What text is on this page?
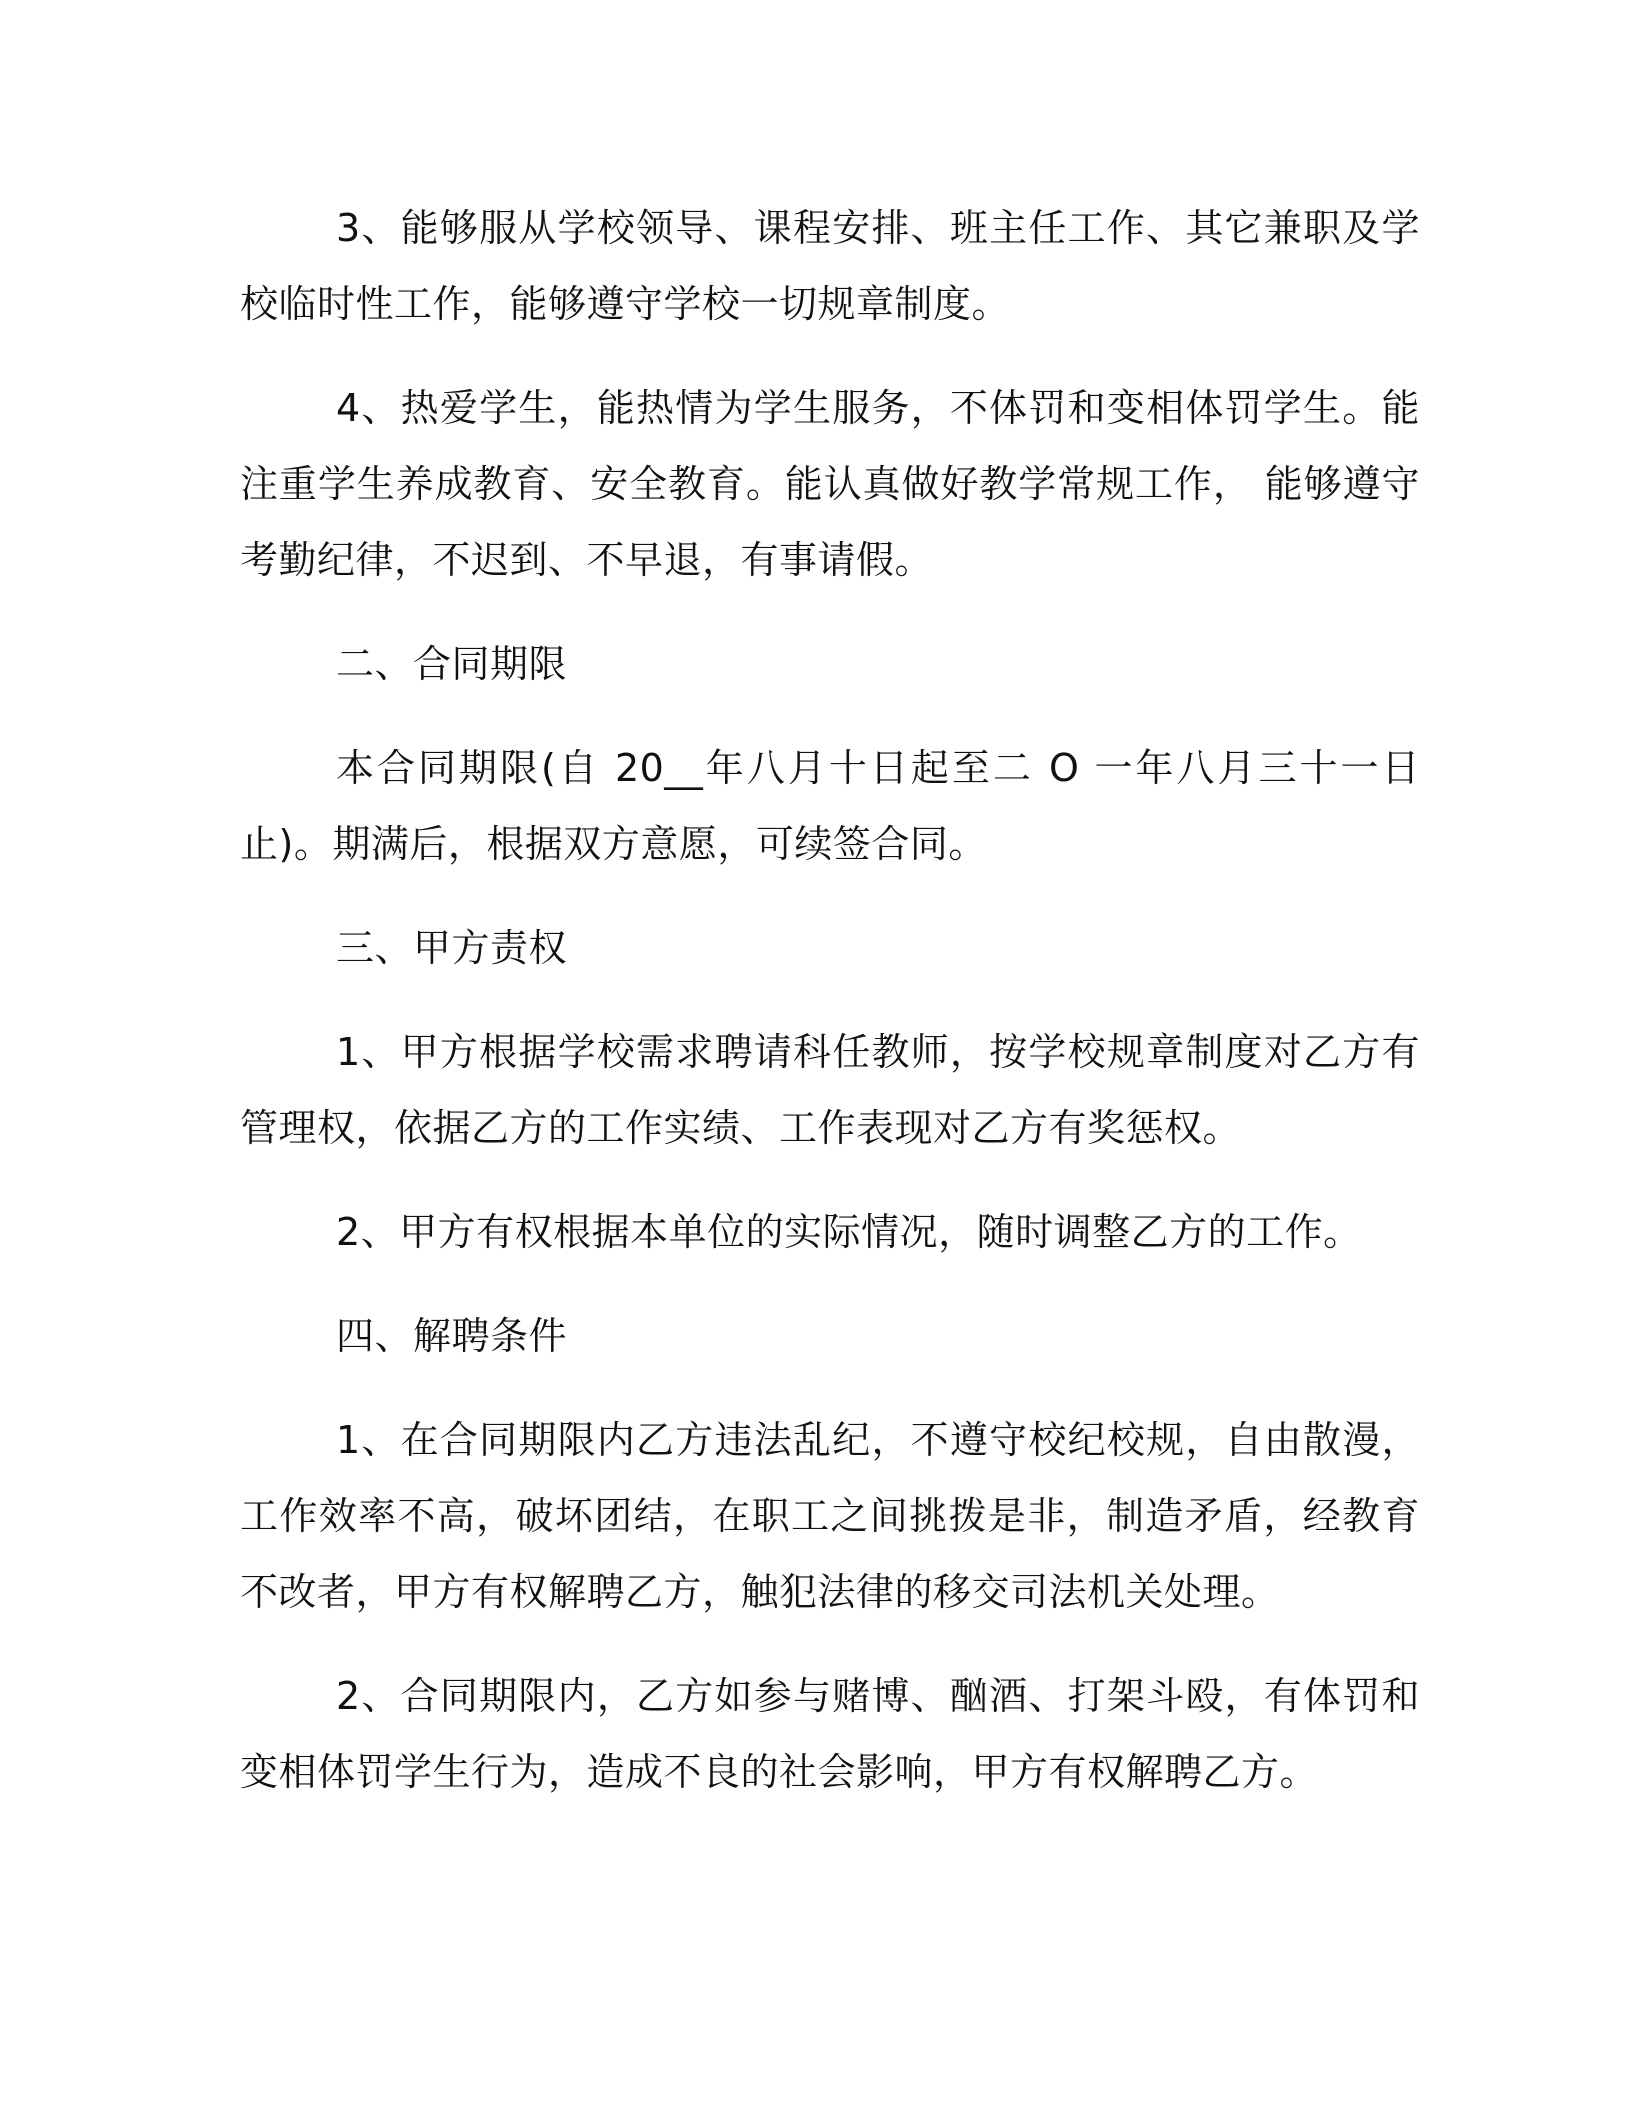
3、能够服从学校领导、课程安排、班主任工作、其它兼职及学校临时性工作，能够遵守学校一切规章制度。

4、热爱学生，能热情为学生服务，不体罚和变相体罚学生。能注重学生养成教育、安全教育。能认真做好教学常规工作， 能够遵守考勤纪律，不迟到、不早退，有事请假。

二、合同期限

本合同期限(自 20__年八月十日起至二 O 一年八月三十一日止)。期满后，根据双方意愿，可续签合同。

三、甲方责权

1、甲方根据学校需求聘请科任教师，按学校规章制度对乙方有管理权，依据乙方的工作实绩、工作表现对乙方有奖惩权。

2、甲方有权根据本单位的实际情况，随时调整乙方的工作。

四、解聘条件

1、在合同期限内乙方违法乱纪，不遵守校纪校规，自由散漫，工作效率不高，破坏团结，在职工之间挑拨是非，制造矛盾，经教育不改者，甲方有权解聘乙方，触犯法律的移交司法机关处理。

2、合同期限内，乙方如参与赌博、酗酒、打架斗殴，有体罚和变相体罚学生行为，造成不良的社会影响，甲方有权解聘乙方。
